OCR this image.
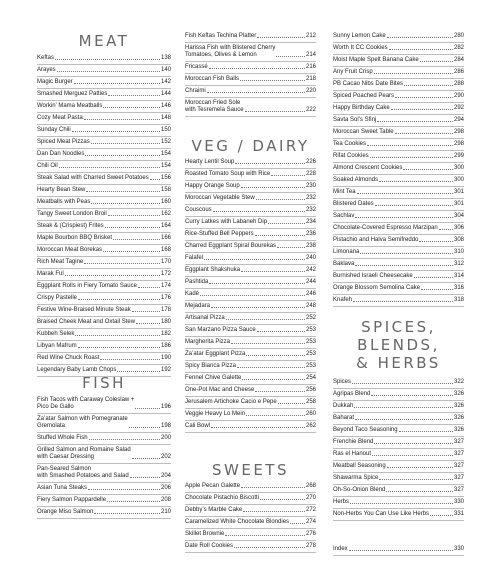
MEAT
Keftas	138
Arayes	140
Magic Burger	142
Smashed Merguez Patties	144
Workin’ Mama Meatballs	146
Cozy Meat Pasta	148
Sunday Chili	150
Spiced Meat Pizzas	152
Dan Dan Noodles	154
Chili Oil	154
Steak Salad with Charred Sweet Potatoes 156
Hearty Bean Stew	158
Meatballs with Peas	160
Tangy Sweet London Broil	162
Steak & (Crispiest) Frites	164
Maple Bourbon BBQ Brisket	166
Moroccan Meat Borekas	168
Rich Meat Tagine	170
Marak Ful	172
Eggplant Rolls in Fiery Tomato Sauce	174
Crispy Pastelle	176
Festive Wine-Braised Minute Steak	178
Braised Cheek Meat and Oxtail Stew	180
Kubbeh Selek	182
Libyan Mafrum	186
Red Wine Chuck Roast	190
Legendary Baby Lamb Chops	192
FISH
Fish Tacos with Caraway Coleslaw +
Pico De Gallo	196
Za’atar Salmon with Pomegranate
Gremolata	198
Stuffed Whole Fish	200
Grilled Salmon and Romaine Salad
with Caesar Dressing	202
Pan-Seared Salmon
with Smashed Potatoes and Salad	204
Asian Tuna Steaks	206
Fiery Salmon Pappardelle	208
Orange Miso Salmon	210
Fish Keftas Techina Platter	212
Harissa Fish with Blistered Cherry
Tomatoes, Olives & Lemon	214
Fricassé	216
Moroccan Fish Balls	218
Chraimi	220
Moroccan Fried Sole
with Tesremela Sauce	222
VEG / DAIRY
Hearty Lentil Soup	226
Roasted Tomato Soup with Rice	228
Happy Orange Soup	230
Moroccan Vegetable Stew	232
Couscous	232
Curry Latkes with Labaneh Dip	234
Rice-Stuffed Bell Peppers	236
Charred Eggplant Spiral Bourekas	238
Falafel	240
Eggplant Shakshuka	242
Pashtida	244
Kadé	246
Mejadara	248
Artisanal Pizza	252
San Marzano Pizza Sauce	253
Margherita Pizza	253
Za’atar Eggplant Pizza	253
Spicy Bianca Pizza	253
Fennel Chive Galette	254
One-Pot Mac and Cheese	256
Jerusalem Artichoke Cacio e Pepe	258
Veggie Heavy Lo Mein	260
Cali Bowl	262
SWEETS
Apple Pecan Galette	268
Chocolate Pistachio Biscotti	270
Debby’s Marble Cake	272
Caramelized White Chocolate Blondies	274
Skillet Brownie	276
Date Roll Cookies	278
Sunny Lemon Cake	280
Worth It CC Cookies	282
Moist Maple Spelt Banana Cake	284
Any Fruit Crisp	286
PB Cacao Nibs Date Bites	288
Spiced Poached Pears	290
Happy Birthday Cake	292
Savta Sol’s Sfinj	294
Moroccan Sweet Table	298
Tea Cookies	298
Rifat Cookies	299
Almond Crescent Cookies	300
Soaked Almonds	300
Mint Tea	301
Blistered Dates	301
Sachlav	304
Chocolate-Covered Espresso Marzipan	306
Pistachio and Halva Semifreddo	308
Limonana	310
Baklava	312
Burnished Israeli Cheesecake	314
Orange Blossom Semolina Cake	316
Knafeh	318
SPICES, BLENDS,
& HERBS
Spices	322
Agripas Blend	326
Dukkah	326
Baharat	326
Beyond Taco Seasoning	326
Frenchie Blend	327
Ras el Hanout	327
Meatball Seasoning	327
Shawarma Spice	327
Oh-So-Onion Blend	327
Herbs	330
Non-Herbs You Can Use Like Herbs	331
Index	330
